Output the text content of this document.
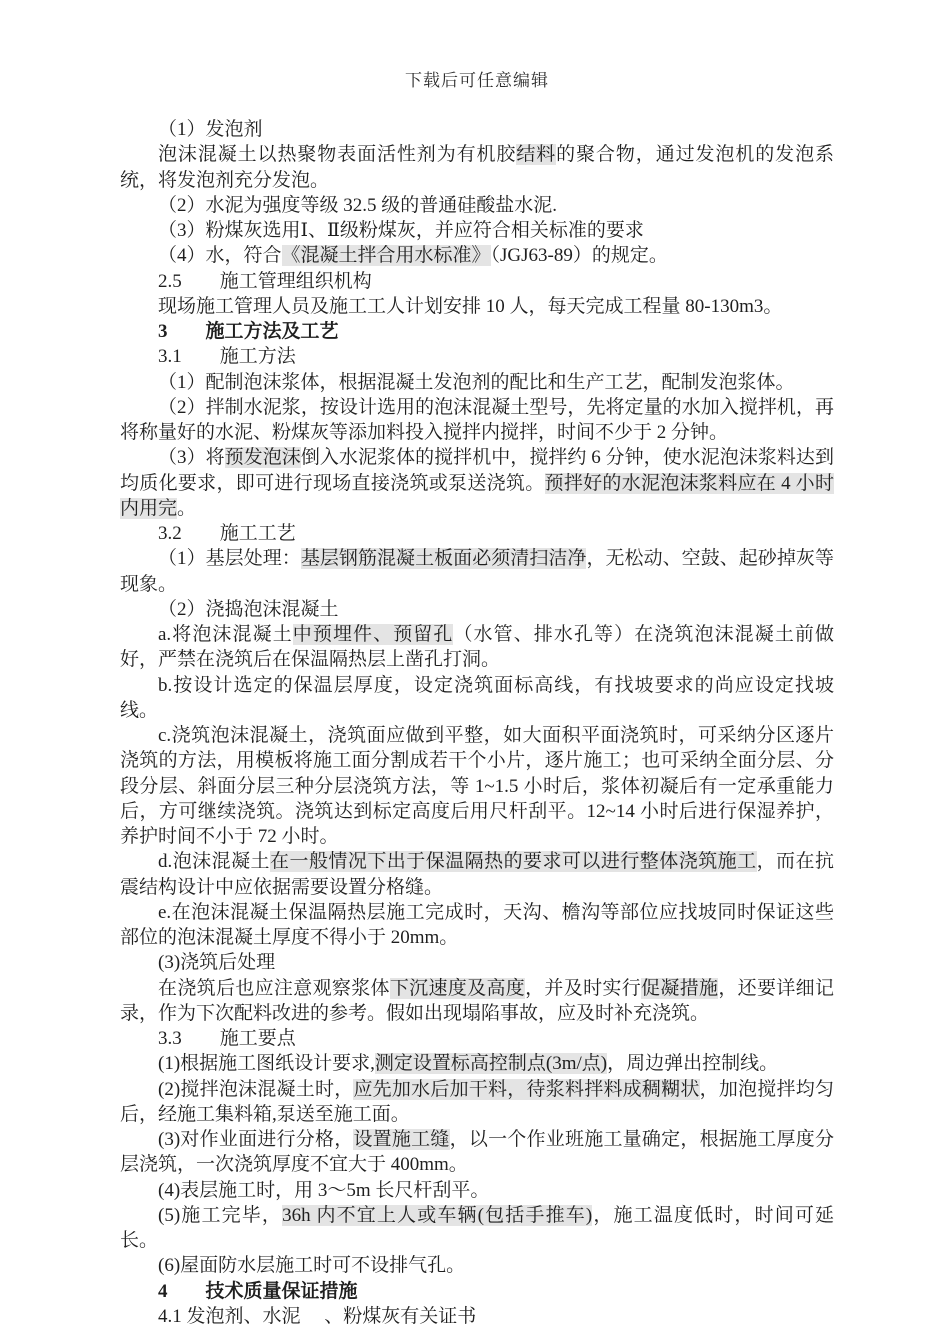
下载后可任意编辑

（1）发泡剂

泡沫混凝土以热聚物表面活性剂为有机胶结料的聚合物，通过发泡机的发泡系统，将发泡剂充分发泡。

（2）水泥为强度等级 32.5 级的普通硅酸盐水泥.

（3）粉煤灰选用Ⅰ、Ⅱ级粉煤灰，并应符合相关标准的要求

（4）水，符合《混凝土拌合用水标准》（JGJ63-89）的规定。

2.5　　施工管理组织机构

现场施工管理人员及施工工人计划安排 10 人，每天完成工程量 80-130m3。

3　　施工方法及工艺

3.1　　施工方法

（1）配制泡沫浆体，根据混凝土发泡剂的配比和生产工艺，配制发泡浆体。

（2）拌制水泥浆，按设计选用的泡沫混凝土型号，先将定量的水加入搅拌机，再将称量好的水泥、粉煤灰等添加料投入搅拌内搅拌，时间不少于 2 分钟。

（3）将预发泡沫倒入水泥浆体的搅拌机中，搅拌约 6 分钟，使水泥泡沫浆料达到均质化要求，即可进行现场直接浇筑或泵送浇筑。预拌好的水泥泡沫浆料应在 4 小时内用完。

3.2　　施工工艺

（1）基层处理：基层钢筋混凝土板面必须清扫洁净，无松动、空鼓、起砂掉灰等现象。

（2）浇捣泡沫混凝土

a.将泡沫混凝土中预埋件、预留孔（水管、排水孔等）在浇筑泡沫混凝土前做好，严禁在浇筑后在保温隔热层上凿孔打洞。

b.按设计选定的保温层厚度，设定浇筑面标高线，有找坡要求的尚应设定找坡线。

c.浇筑泡沫混凝土，浇筑面应做到平整，如大面积平面浇筑时，可采纳分区逐片浇筑的方法，用模板将施工面分割成若干个小片，逐片施工；也可采纳全面分层、分段分层、斜面分层三种分层浇筑方法，等 1~1.5 小时后，浆体初凝后有一定承重能力后，方可继续浇筑。浇筑达到标定高度后用尺杆刮平。12~14 小时后进行保湿养护，养护时间不小于 72 小时。

d.泡沫混凝土在一般情况下出于保温隔热的要求可以进行整体浇筑施工，而在抗震结构设计中应依据需要设置分格缝。

e.在泡沫混凝土保温隔热层施工完成时，天沟、檐沟等部位应找坡同时保证这些部位的泡沫混凝土厚度不得小于 20mm。

(3)浇筑后处理

在浇筑后也应注意观察浆体下沉速度及高度，并及时实行促凝措施，还要详细记录，作为下次配料改进的参考。假如出现塌陷事故，应及时补充浇筑。

3.3　　施工要点

(1)根据施工图纸设计要求,测定设置标高控制点(3m/点)，周边弹出控制线。

(2)搅拌泡沫混凝土时，应先加水后加干料，待浆料拌料成稠糊状，加泡搅拌均匀后，经施工集料箱,泵送至施工面。

(3)对作业面进行分格，设置施工缝，以一个作业班施工量确定，根据施工厚度分层浇筑，一次浇筑厚度不宜大于 400mm。

(4)表层施工时，用 3～5m 长尺杆刮平。

(5)施工完毕，36h 内不宜上人或车辆(包括手推车)，施工温度低时，时间可延长。

(6)屋面防水层施工时可不设排气孔。

4　　技术质量保证措施

4.1 发泡剂、水泥　 、粉煤灰有关证书
